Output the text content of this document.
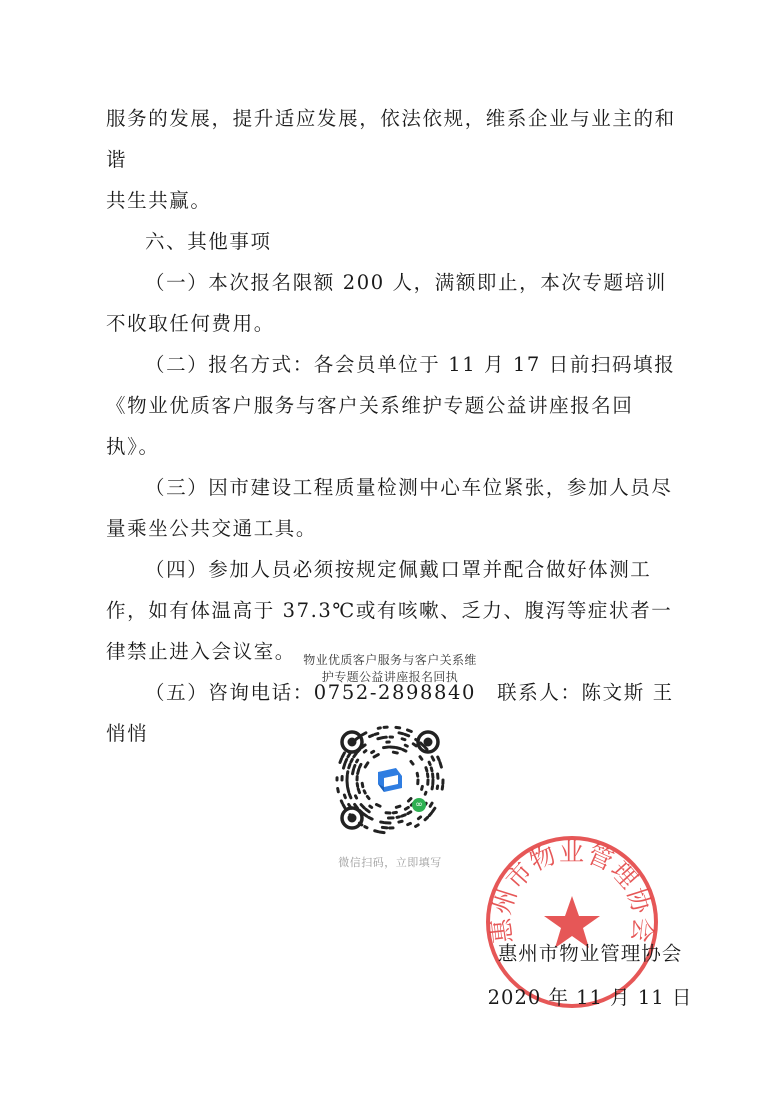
服务的发展，提升适应发展，依法依规，维系企业与业主的和谐

共生共赢。

六、其他事项

（一）本次报名限额 200 人，满额即止，本次专题培训不收取任何费用。

（二）报名方式：各会员单位于 11 月 17 日前扫码填报《物业优质客户服务与客户关系维护专题公益讲座报名回执》。

（三）因市建设工程质量检测中心车位紧张，参加人员尽量乘坐公共交通工具。

（四）参加人员必须按规定佩戴口罩并配合做好体测工作，如有体温高于 37.3℃或有咳嗽、乏力、腹泻等症状者一律禁止进入会议室。

（五）咨询电话：0752-2898840　联系人：陈文斯 王悄悄

物业优质客户服务与客户关系维
护专题公益讲座报名回执
∞
微信扫码，立即填写
惠州市物业管理协会

惠州市物业管理协会

2020 年 11 月 11 日
